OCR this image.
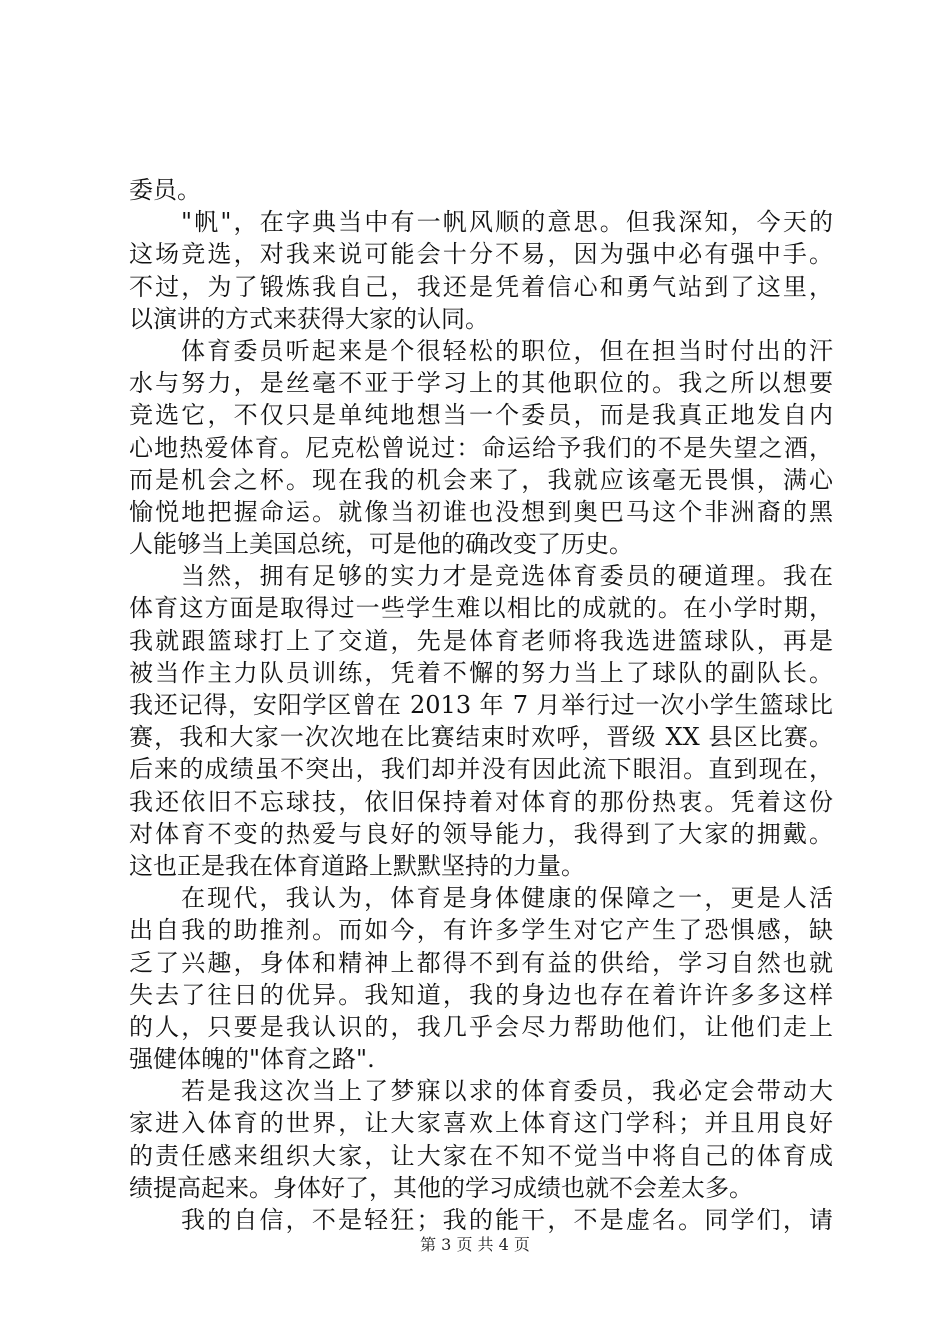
委员。
"帆"，在字典当中有一帆风顺的意思。但我深知，今天的
这场竞选，对我来说可能会十分不易，因为强中必有强中手。
不过，为了锻炼我自己，我还是凭着信心和勇气站到了这里，
以演讲的方式来获得大家的认同。
体育委员听起来是个很轻松的职位，但在担当时付出的汗
水与努力，是丝毫不亚于学习上的其他职位的。我之所以想要
竞选它，不仅只是单纯地想当一个委员，而是我真正地发自内
心地热爱体育。尼克松曾说过：命运给予我们的不是失望之酒，
而是机会之杯。现在我的机会来了，我就应该毫无畏惧，满心
愉悦地把握命运。就像当初谁也没想到奥巴马这个非洲裔的黑
人能够当上美国总统，可是他的确改变了历史。
当然，拥有足够的实力才是竞选体育委员的硬道理。我在
体育这方面是取得过一些学生难以相比的成就的。在小学时期，
我就跟篮球打上了交道，先是体育老师将我选进篮球队，再是
被当作主力队员训练，凭着不懈的努力当上了球队的副队长。
我还记得，安阳学区曾在 2013 年 7 月举行过一次小学生篮球比
赛，我和大家一次次地在比赛结束时欢呼，晋级 XX 县区比赛。
后来的成绩虽不突出，我们却并没有因此流下眼泪。直到现在，
我还依旧不忘球技，依旧保持着对体育的那份热衷。凭着这份
对体育不变的热爱与良好的领导能力，我得到了大家的拥戴。
这也正是我在体育道路上默默坚持的力量。
在现代，我认为，体育是身体健康的保障之一，更是人活
出自我的助推剂。而如今，有许多学生对它产生了恐惧感，缺
乏了兴趣，身体和精神上都得不到有益的供给，学习自然也就
失去了往日的优异。我知道，我的身边也存在着许许多多这样
的人，只要是我认识的，我几乎会尽力帮助他们，让他们走上
强健体魄的"体育之路".
若是我这次当上了梦寐以求的体育委员，我必定会带动大
家进入体育的世界，让大家喜欢上体育这门学科；并且用良好
的责任感来组织大家，让大家在不知不觉当中将自己的体育成
绩提高起来。身体好了，其他的学习成绩也就不会差太多。
我的自信，不是轻狂；我的能干，不是虚名。同学们，请
第 3 页 共 4 页
